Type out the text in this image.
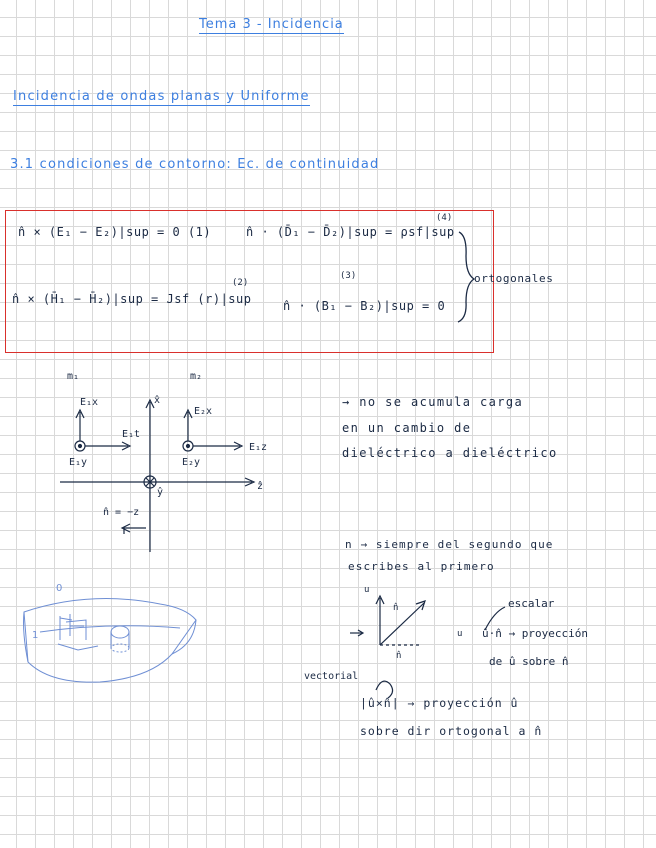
Tema 3 - Incidencia
Incidencia de ondas planas y Uniforme
3.1 condiciones de contorno: Ec. de continuidad
n̂ × (E₁ − E₂)|sup = 0 (1)	n̂ · (D̄₁ − D̄₂)|sup = ρsf|sup
(4)
(2)
(3)
n̂ × (H̄₁ − H̄₂)|sup = Jsf (r)|sup	n̂ · (B₁ − B₂)|sup = 0
ortogonales
m₁	m₂
E₁x
E₁t
E₁y
E₂x
E₁z
E₂y
x̂
ẑ
ŷ
n̂ = −z
→ no se acumula carga
en un cambio de
dieléctrico a dieléctrico
n → siempre del segundo que
escribes al primero
u
n̂
u
n̂
escalar
û·n̂ → proyección
de û sobre n̂
vectorial
|û×n̂| → proyección û
sobre dir ortogonal a n̂
0
1
